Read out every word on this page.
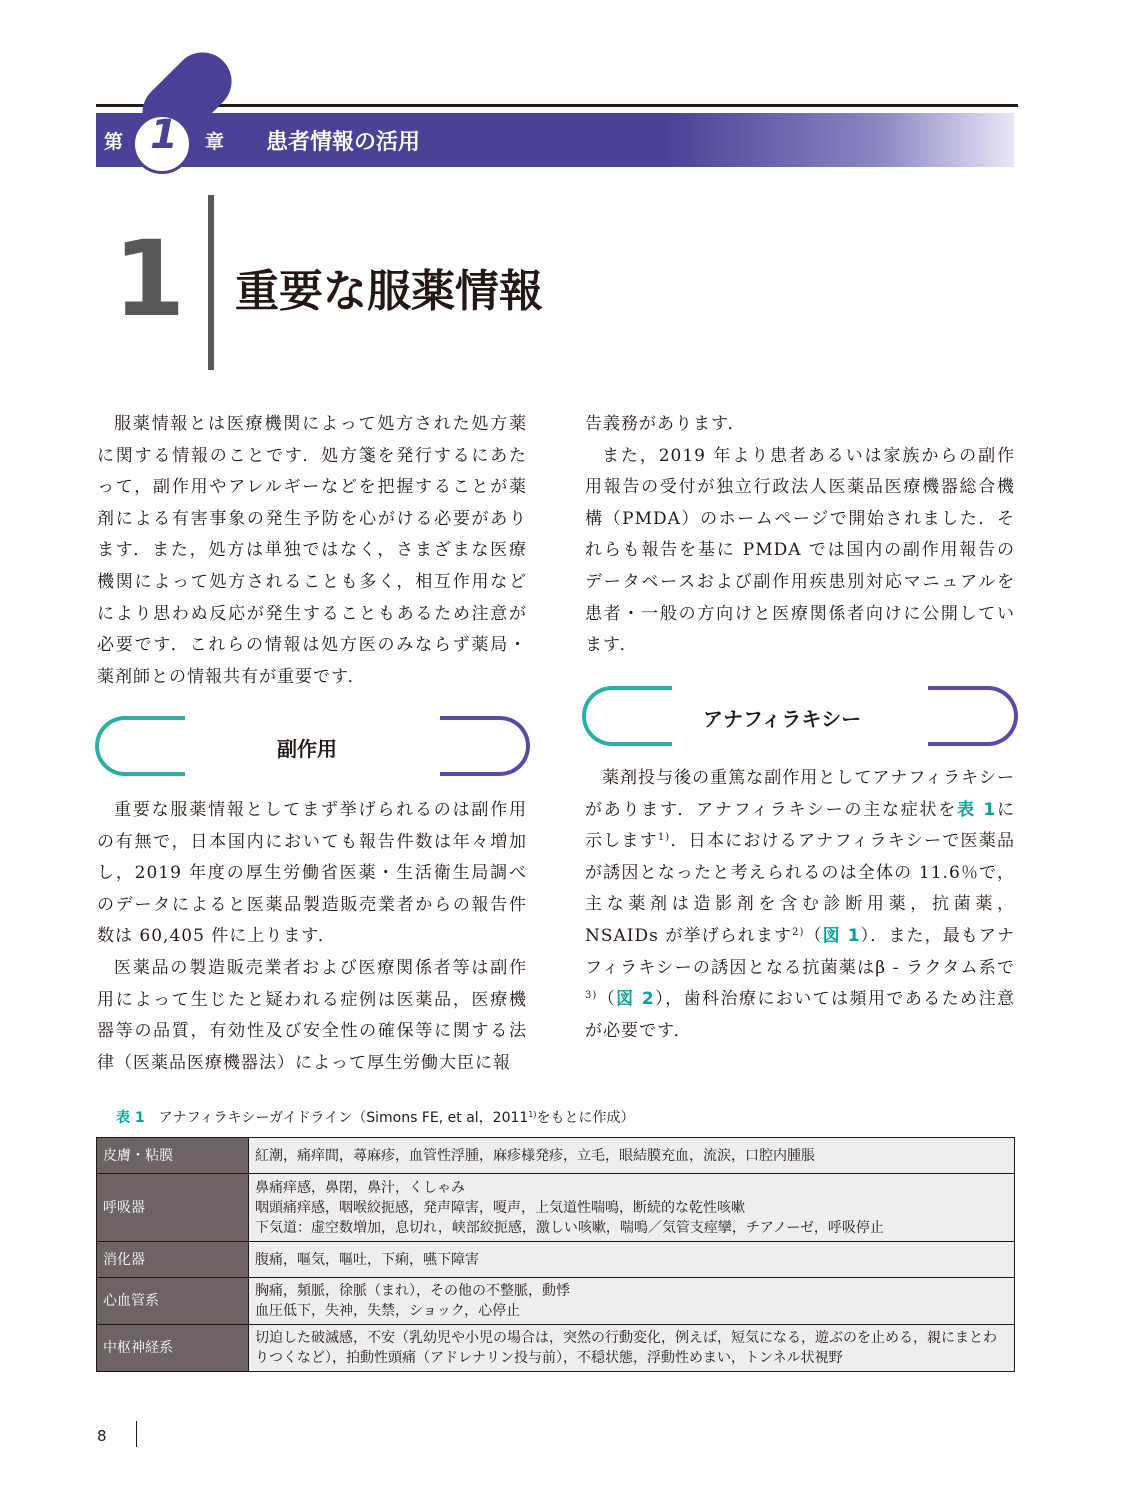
第 1 章 患者情報の活用
1 重要な服薬情報

服薬情報とは医療機関によって処方された処方薬に関する情報のことです．処方箋を発行するにあたって，副作用やアレルギーなどを把握することが薬剤による有害事象の発生予防を心がける必要があります．また，処方は単独ではなく，さまざまな医療機関によって処方されることも多く，相互作用などにより思わぬ反応が発生することもあるため注意が必要です．これらの情報は処方医のみならず薬局・薬剤師との情報共有が重要です．

副作用

重要な服薬情報としてまず挙げられるのは副作用の有無で，日本国内においても報告件数は年々増加し，2019 年度の厚生労働省医薬・生活衛生局調べのデータによると医薬品製造販売業者からの報告件数は 60,405 件に上ります．

医薬品の製造販売業者および医療関係者等は副作用によって生じたと疑われる症例は医薬品，医療機器等の品質，有効性及び安全性の確保等に関する法律（医薬品医療機器法）によって厚生労働大臣に報

告義務があります．

また，2019 年より患者あるいは家族からの副作用報告の受付が独立行政法人医薬品医療機器総合機構（PMDA）のホームページで開始されました．それらも報告を基に PMDA では国内の副作用報告のデータベースおよび副作用疾患別対応マニュアルを患者・一般の方向けと医療関係者向けに公開しています．

アナフィラキシー

薬剤投与後の重篤な副作用としてアナフィラキシーがあります．アナフィラキシーの主な症状を表 1に示します$^{1)}$．日本におけるアナフィラキシーで医薬品が誘因となったと考えられるのは全体の 11.6％で，主な薬剤は造影剤を含む診断用薬，抗菌薬，NSAIDs が挙げられます$^{2)}$（図 1）．また，最もアナフィラキシーの誘因となる抗菌薬はβ - ラクタム系で$^{3)}$（図 2），歯科治療においては頻用であるため注意が必要です．

表 1 アナフィラキシーガイドライン（Simons FE, et al，2011$^{1)}$をもとに作成）
皮膚・粘膜	紅潮，痛痒間，蕁麻疹，血管性浮腫，麻疹様発疹，立毛，眼結膜充血，流涙，口腔内腫脹

呼吸器	鼻痛痒感，鼻閉，鼻汁，くしゃみ
咽頭痛痒感，咽喉絞扼感，発声障害，嗄声，上気道性喘鳴，断続的な乾性咳嗽
下気道：虚空数増加，息切れ，峡部絞扼感，激しい咳嗽，喘鳴／気管支痙攣，チアノーゼ，呼吸停止

消化器	腹痛，嘔気，嘔吐，下痢，嚥下障害

心血管系	胸痛，頻脈，徐脈（まれ），その他の不整脈，動悸
血圧低下，失神，失禁，ショック，心停止

中枢神経系	切迫した破滅感，不安（乳幼児や小児の場合は，突然の行動変化，例えば，短気になる，遊ぶのを止める，親にまとわりつくなど），拍動性頭痛（アドレナリン投与前），不穏状態，浮動性めまい，トンネル状視野
8
